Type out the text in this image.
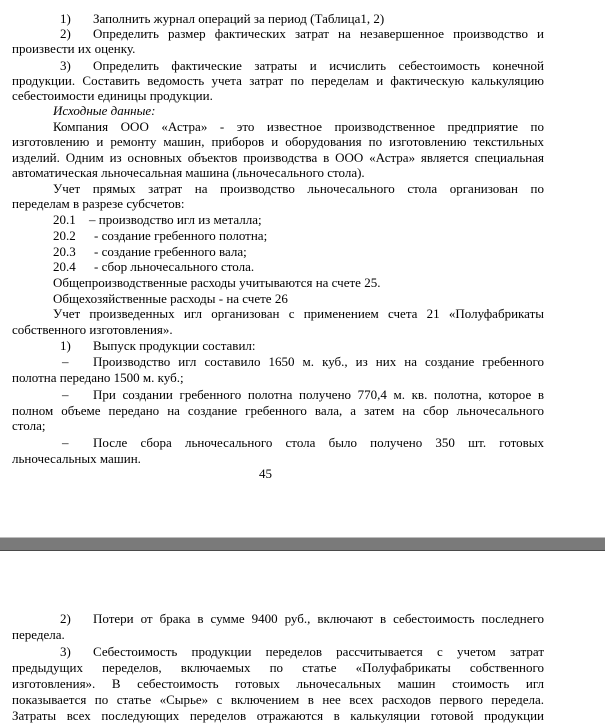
1) Заполнить журнал операций за период (Таблица1, 2)

2) Определить размер фактических затрат на незавершенное производство и

произвести их оценку.

3) Определить фактические затраты и исчислить себестоимость конечной

продукции. Составить ведомость учета затрат по переделам и фактическую калькуляцию

себестоимости единицы продукции.

Исходные данные:

Компания ООО «Астра» - это известное производственное предприятие по

изготовлению и ремонту машин, приборов и оборудования по изготовлению текстильных

изделий. Одним из основных объектов производства в ООО «Астра» является специальная

автоматическая льночесальная машина (льночесального стола).

Учет прямых затрат на производство льночесального стола организован по

переделам в разрезе субсчетов:

20.1 – производство игл из металла;

20.2 - создание гребенного полотна;

20.3 - создание гребенного вала;

20.4 - сбор льночесального стола.

Общепроизводственные расходы учитываются на счете 25.

Общехозяйственные расходы - на счете 26

Учет произведенных игл организован с применением счета 21 «Полуфабрикаты

собственного изготовления».

1) Выпуск продукции составил:

– Производство игл составило 1650 м. куб., из них на создание гребенного

полотна передано 1500 м. куб.;

– При создании гребенного полотна получено 770,4 м. кв. полотна, которое в

полном объеме передано на создание гребенного вала, а затем на сбор льночесального

стола;

– После сбора льночесального стола было получено 350 шт. готовых

льночесальных машин.

45

2) Потери от брака в сумме 9400 руб., включают в себестоимость последнего

передела.

3) Себестоимость продукции переделов рассчитывается с учетом затрат

предыдущих переделов, включаемых по статье «Полуфабрикаты собственного

изготовления». В себестоимость готовых льночесальных машин стоимость игл

показывается по статье «Сырье» с включением в нее всех расходов первого передела.

Затраты всех последующих переделов отражаются в калькуляции готовой продукции
